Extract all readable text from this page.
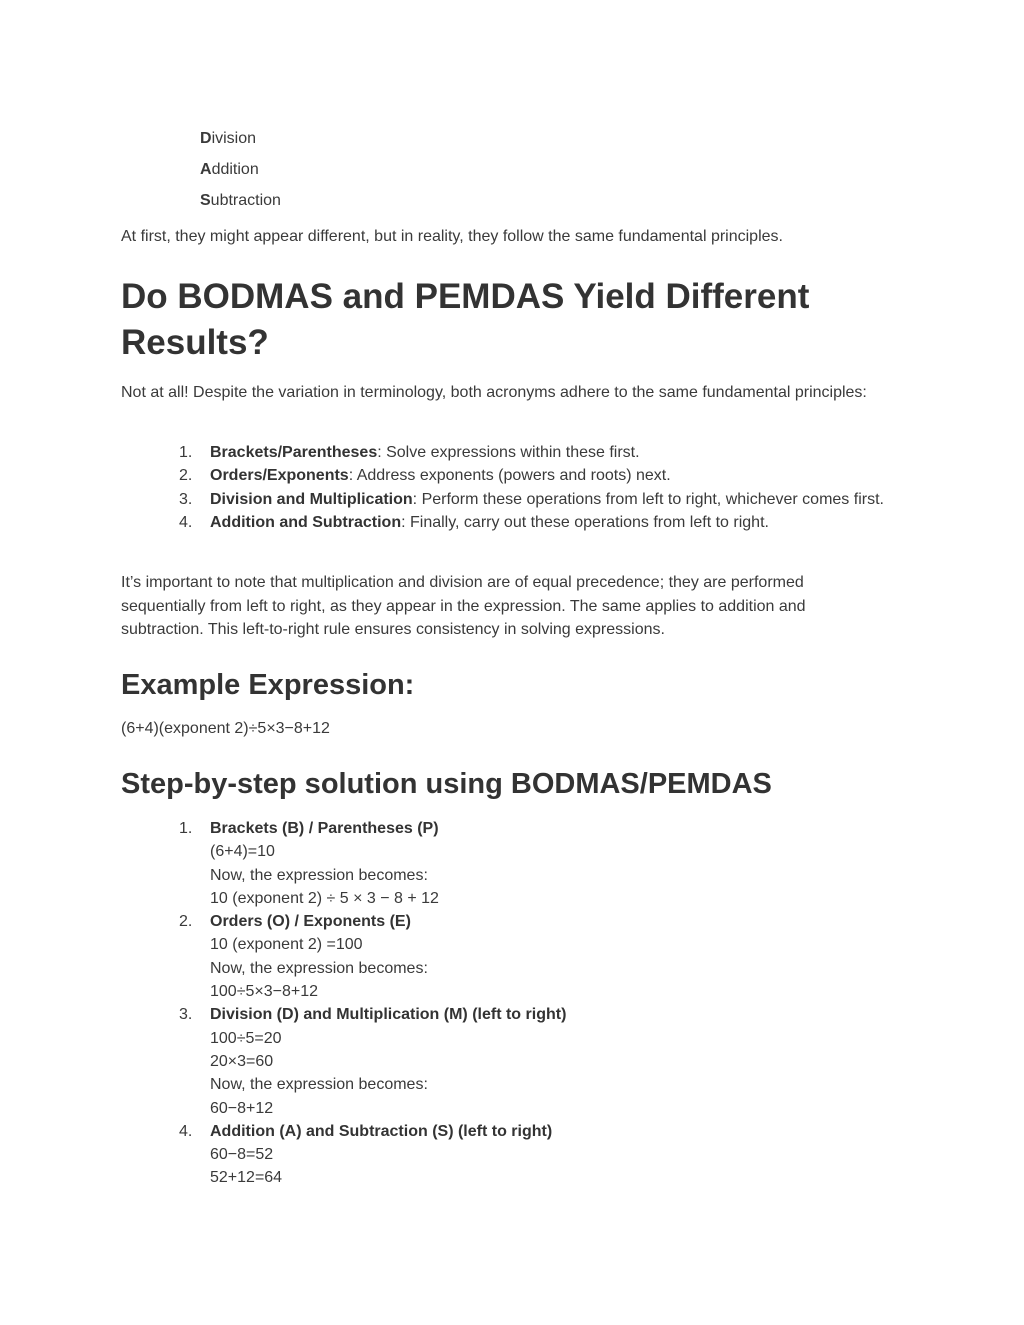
Division
Addition
Subtraction

At first, they might appear different, but in reality, they follow the same fundamental principles.

Do BODMAS and PEMDAS Yield Different Results?

Not at all! Despite the variation in terminology, both acronyms adhere to the same fundamental principles:

1. Brackets/Parentheses: Solve expressions within these first.
2. Orders/Exponents: Address exponents (powers and roots) next.
3. Division and Multiplication: Perform these operations from left to right, whichever comes first.
4. Addition and Subtraction: Finally, carry out these operations from left to right.

It’s important to note that multiplication and division are of equal precedence; they are performed sequentially from left to right, as they appear in the expression. The same applies to addition and subtraction. This left-to-right rule ensures consistency in solving expressions.

Example Expression:

(6+4)(exponent 2)÷5×3−8+12

Step-by-step solution using BODMAS/PEMDAS
1. Brackets (B) / Parentheses (P)
(6+4)=10
Now, the expression becomes:
10 (exponent 2) ÷ 5 × 3 − 8 + 12
2. Orders (O) / Exponents (E)
10 (exponent 2) =100
Now, the expression becomes:
100÷5×3−8+12
3. Division (D) and Multiplication (M) (left to right)
100÷5=20
20×3=60
Now, the expression becomes:
60−8+12
4. Addition (A) and Subtraction (S) (left to right)
60−8=52
52+12=64
